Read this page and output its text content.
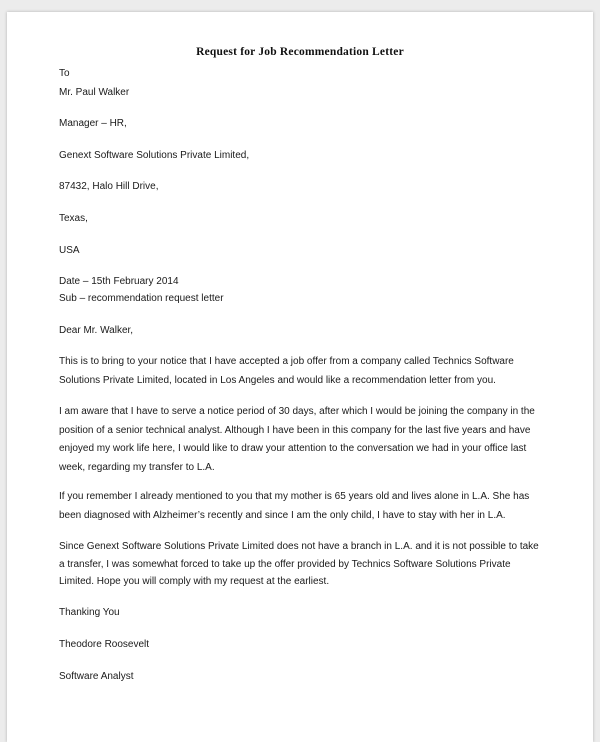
Request for Job Recommendation Letter
To
Mr. Paul Walker
Manager – HR,
Genext Software Solutions Private Limited,
87432, Halo Hill Drive,
Texas,
USA
Date – 15th February 2014
Sub – recommendation request letter
Dear Mr. Walker,
This is to bring to your notice that I have accepted a job offer from a company called Technics Software
Solutions Private Limited, located in Los Angeles and would like a recommendation letter from you.
I am aware that I have to serve a notice period of 30 days, after which I would be joining the company in the
position of a senior technical analyst. Although I have been in this company for the last five years and have
enjoyed my work life here, I would like to draw your attention to the conversation we had in your office last
week, regarding my transfer to L.A.
If you remember I already mentioned to you that my mother is 65 years old and lives alone in L.A. She has
been diagnosed with Alzheimer’s recently and since I am the only child, I have to stay with her in L.A.
Since Genext Software Solutions Private Limited does not have a branch in L.A. and it is not possible to take
a transfer, I was somewhat forced to take up the offer provided by Technics Software Solutions Private
Limited. Hope you will comply with my request at the earliest.
Thanking You
Theodore Roosevelt
Software Analyst
